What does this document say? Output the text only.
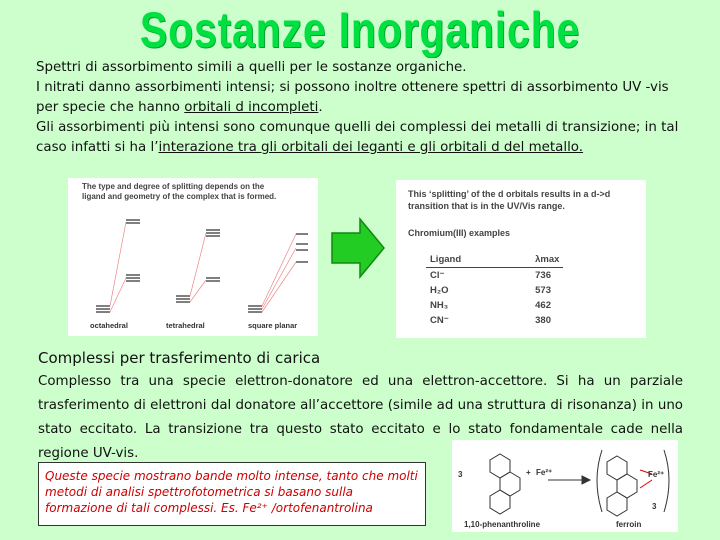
Sostanze Inorganiche

Spettri di assorbimento simili a quelli per le sostanze organiche.

I nitrati danno assorbimenti intensi; si possono inoltre ottenere spettri di assorbimento UV -vis per specie che hanno orbitali d incompleti.

Gli assorbimenti più intensi sono comunque quelli dei complessi dei metalli di transizione; in tal caso infatti si ha l’interazione tra gli orbitali dei leganti e gli orbitali d del metallo.

The type and degree of splitting depends on the ligand and geometry of the complex that is formed.
octahedral	tetrahedral	square planar
This ‘splitting’ of the d orbitals results in a d->d transition that is in the UV/Vis range.
Chromium(III) examples
Ligand	λmax
Cl⁻	736
H₂O	573
NH₃	462
CN⁻	380
Complessi per trasferimento di carica
Complesso tra una specie elettron-donatore ed una elettron-accettore. Si ha un parziale trasferimento di elettroni dal donatore all’accettore (simile ad una struttura di risonanza) in uno stato eccitato. La transizione tra questo stato eccitato e lo stato fondamentale cade nella regione UV-vis.

Queste specie mostrano bande molto intense, tanto che molti metodi di analisi spettrofotometrica si basano sulla formazione di tali complessi. Es. Fe²⁺ /ortofenantrolina

3	+ Fe²⁺	Fe²⁺
3
1,10-phenanthroline	ferroin
